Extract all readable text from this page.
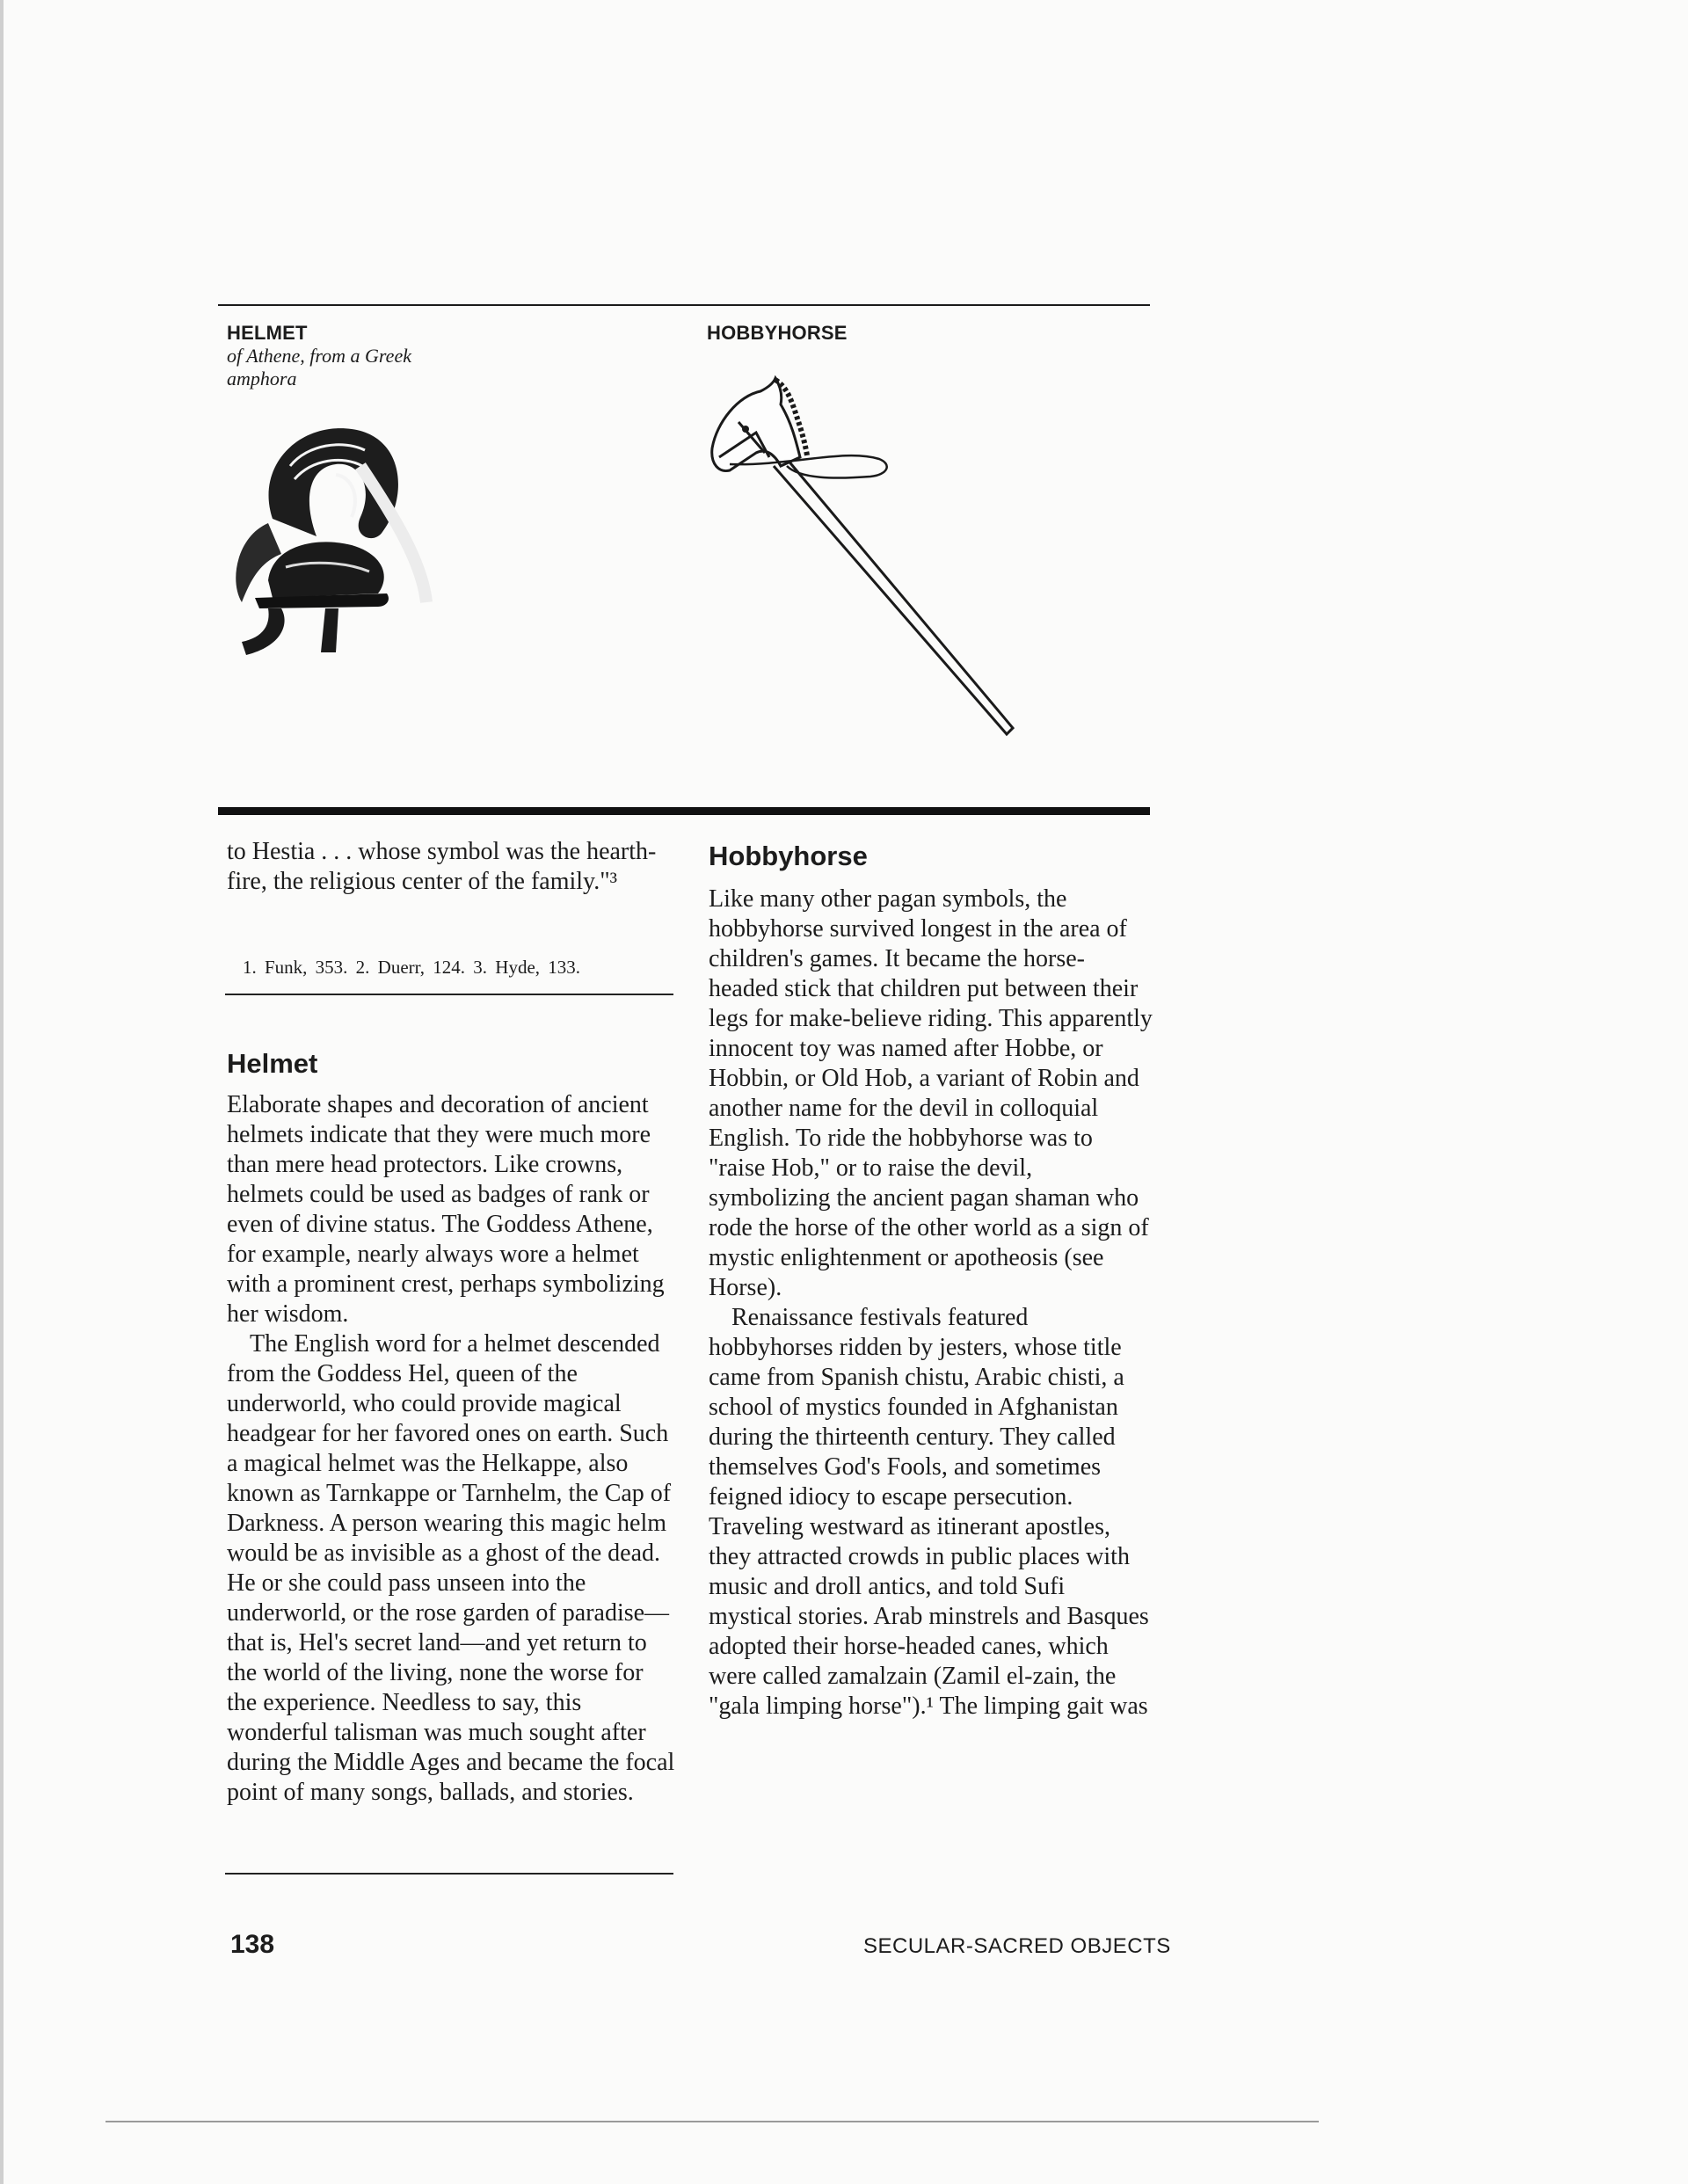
HELMET
of Athene, from a Greek amphora
HOBBYHORSE

to Hestia . . . whose symbol was the hearth-fire, the religious center of the family."³

1. Funk, 353. 2. Duerr, 124. 3. Hyde, 133.
Helmet

Elaborate shapes and decoration of ancient helmets indicate that they were much more than mere head protectors. Like crowns, helmets could be used as badges of rank or even of divine status. The Goddess Athene, for example, nearly always wore a helmet with a prominent crest, perhaps symbolizing her wisdom.

The English word for a helmet descended from the Goddess Hel, queen of the underworld, who could provide magical headgear for her favored ones on earth. Such a magical helmet was the Helkappe, also known as Tarnkappe or Tarnhelm, the Cap of Darkness. A person wearing this magic helm would be as invisible as a ghost of the dead. He or she could pass unseen into the underworld, or the rose garden of paradise—that is, Hel's secret land—and yet return to the world of the living, none the worse for the experience. Needless to say, this wonderful talisman was much sought after during the Middle Ages and became the focal point of many songs, ballads, and stories.

Hobbyhorse

Like many other pagan symbols, the hobbyhorse survived longest in the area of children's games. It became the horse-headed stick that children put between their legs for make-believe riding. This apparently innocent toy was named after Hobbe, or Hobbin, or Old Hob, a variant of Robin and another name for the devil in colloquial English. To ride the hobbyhorse was to "raise Hob," or to raise the devil, symbolizing the ancient pagan shaman who rode the horse of the other world as a sign of mystic enlightenment or apotheosis (see Horse).

Renaissance festivals featured hobbyhorses ridden by jesters, whose title came from Spanish chistu, Arabic chisti, a school of mystics founded in Afghanistan during the thirteenth century. They called themselves God's Fools, and sometimes feigned idiocy to escape persecution. Traveling westward as itinerant apostles, they attracted crowds in public places with music and droll antics, and told Sufi mystical stories. Arab minstrels and Basques adopted their horse-headed canes, which were called zamalzain (Zamil el-zain, the "gala limping horse").¹ The limping gait was

138	SECULAR-SACRED OBJECTS
